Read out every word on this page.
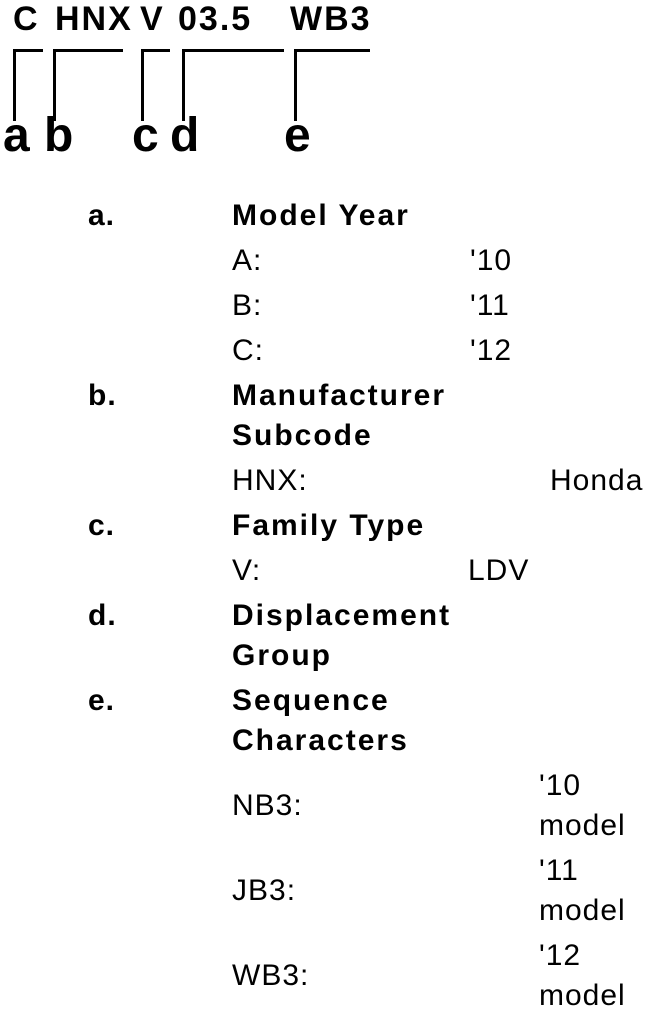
C HNX V 03.5 WB3
a b c d e
a.	Model Year
A:	'10
B:	'11
C:	'12
b.	Manufacturer Subcode
HNX:	Honda
c.	Family Type
V:	LDV
d.	Displacement Group
e.	Sequence Characters
NB3:
'10 model
JB3:
'11 model
WB3:
'12 model
